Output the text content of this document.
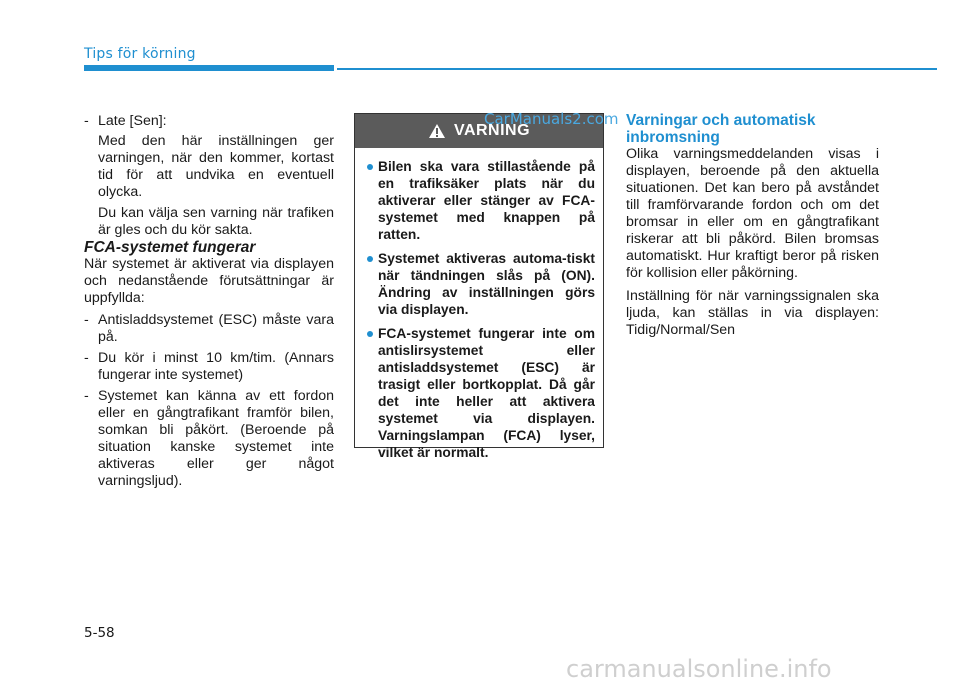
Tips för körning
- Late [Sen]:

Med den här inställningen ger varningen, när den kommer, kortast tid för att undvika en eventuell olycka.

Du kan välja sen varning när trafiken är gles och du kör sakta.

FCA-systemet fungerar

När systemet är aktiverat via displayen och nedanstående förutsättningar är uppfyllda:

- Antisladdsystemet (ESC) måste vara på.
- Du kör i minst 10 km/tim. (Annars fungerar inte systemet)
- Systemet kan känna av ett fordon eller en gångtrafikant framför bilen, somkan bli påkört. (Beroende på situation kanske systemet inte aktiveras eller ger något varningsljud).
VARNING
Bilen ska vara stillastående på en trafiksäker plats när du aktiverar eller stänger av FCA-systemet med knappen på ratten.
Systemet aktiveras automa-tiskt när tändningen slås på (ON). Ändring av inställningen görs via displayen.
FCA-systemet fungerar inte om antislirsystemet eller antisladdsystemet (ESC) är trasigt eller bortkopplat. Då går det inte heller att aktivera systemet via displayen. Varningslampan (FCA) lyser, vilket är normalt.
CarManuals2.com Varningar och automatisk inbromsning

Olika varningsmeddelanden visas i displayen, beroende på den aktuella situationen. Det kan bero på avståndet till framförvarande fordon och om det bromsar in eller om en gångtrafikant riskerar att bli påkörd. Bilen bromsas automatiskt. Hur kraftigt beror på risken för kollision eller påkörning.

Inställning för när varningssignalen ska ljuda, kan ställas in via displayen: Tidig/Normal/Sen

5-58
carmanualsonline.info
